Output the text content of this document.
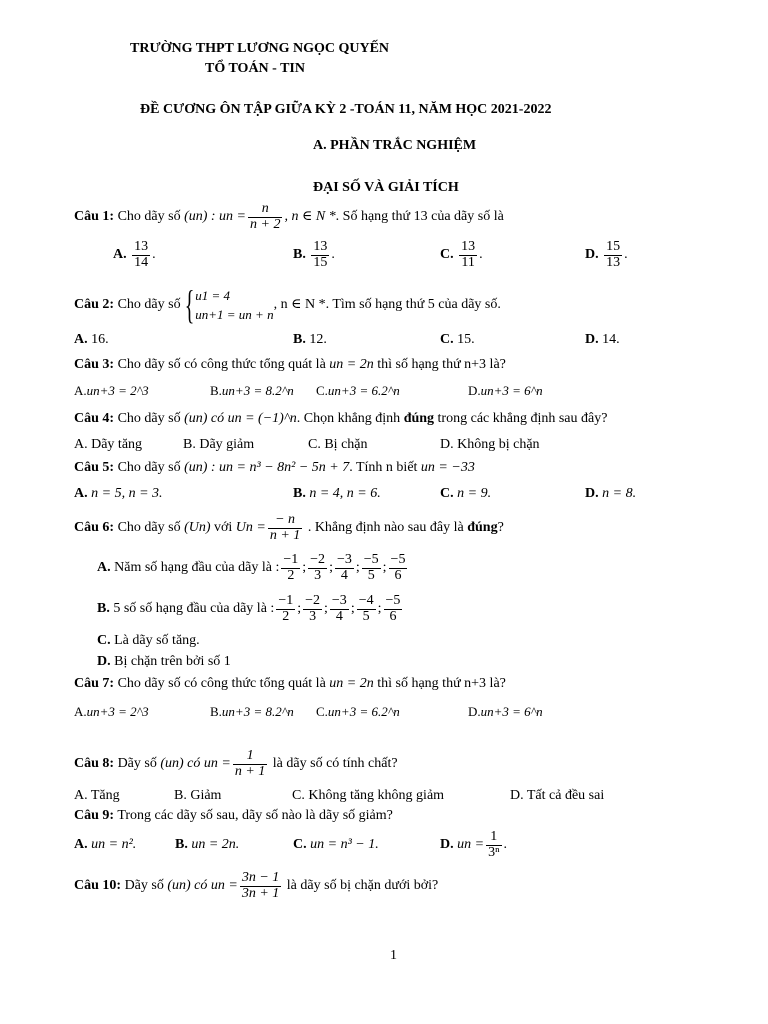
TRƯỜNG THPT LƯƠNG NGỌC QUYẾN
TỔ TOÁN - TIN
ĐỀ CƯƠNG ÔN TẬP GIỮA KỲ 2 -TOÁN 11, NĂM HỌC 2021-2022
A. PHẦN TRẮC NGHIỆM
ĐẠI SỐ VÀ GIẢI TÍCH
Câu 1:
Cho dãy số
(un) : un = $\frac{n}{n + 2}$ , n ∈ N * . Số hạng thứ 13 của dãy số là
A.
$\frac{13}{14}$ .	B.
$\frac{13}{15}$ .	C.
$\frac{13}{11}$ .	D.
$\frac{15}{13}$ .
Câu 2:
Cho dãy số
{ u1 = 4
un+1 = un + n
, n ∈ N *. Tìm số hạng thứ 5 của dãy số.
A. 16.	B. 12.	C. 15.	D. 14.
Câu 3: Cho dãy số có công thức tổng quát là un = 2n thì số hạng thứ n+3 là?
A.un+3 = 2^3	B.un+3 = 8.2^n C.un+3 = 6.2^n	D.un+3 = 6^n
Câu 4: Cho dãy số (un) có un = (−1)^n. Chọn khẳng định đúng trong các khẳng định sau đây?
A. Dãy tăng	B. Dãy giảm	C. Bị chặn	D. Không bị chặn
Câu 5: Cho dãy số (un) : un = n³ − 8n² − 5n + 7. Tính n biết un = −33
A. n = 5, n = 3.	B. n = 4, n = 6.	C. n = 9.	D. n = 8.
Câu 6:
Cho dãy số
(Un)
với
$Un = \frac{- n}{n + 1}$
. Khẳng định nào sau đây là
đúng ?
A.
Năm số hạng đầu của dãy là : $\frac{-1}{2}$ ; $\frac{-2}{3}$ ; $\frac{-3}{4}$ ; $\frac{-5}{5}$ ; $\frac{-5}{6}$
B.
5 số số hạng đầu của dãy là : $\frac{-1}{2}$ ; $\frac{-2}{3}$ ; $\frac{-3}{4}$ ; $\frac{-4}{5}$ ; $\frac{-5}{6}$
C. Là dãy số tăng.
D. Bị chặn trên bởi số 1
Câu 7: Cho dãy số có công thức tổng quát là un = 2n thì số hạng thứ n+3 là?
A.un+3 = 2^3	B.un+3 = 8.2^n C.un+3 = 6.2^n	D.un+3 = 6^n
Câu 8:
Dãy số
(un) có un = $\frac{1}{n + 1}$
là dãy số có tính chất?
A. Tăng	B. Giảm	C. Không tăng không giảm	D. Tất cả đều sai
Câu 9: Trong các dãy số sau, dãy số nào là dãy số giảm?
A. un = n².	B. un = 2n.	C. un = n³ − 1.	D.
un = $\frac{1}{\text{3ⁿ}}$ .
Câu 10:
Dãy số
(un) có un = $\frac{3n - 1}{3n + 1}$
là dãy số bị chặn dưới bởi?
1
